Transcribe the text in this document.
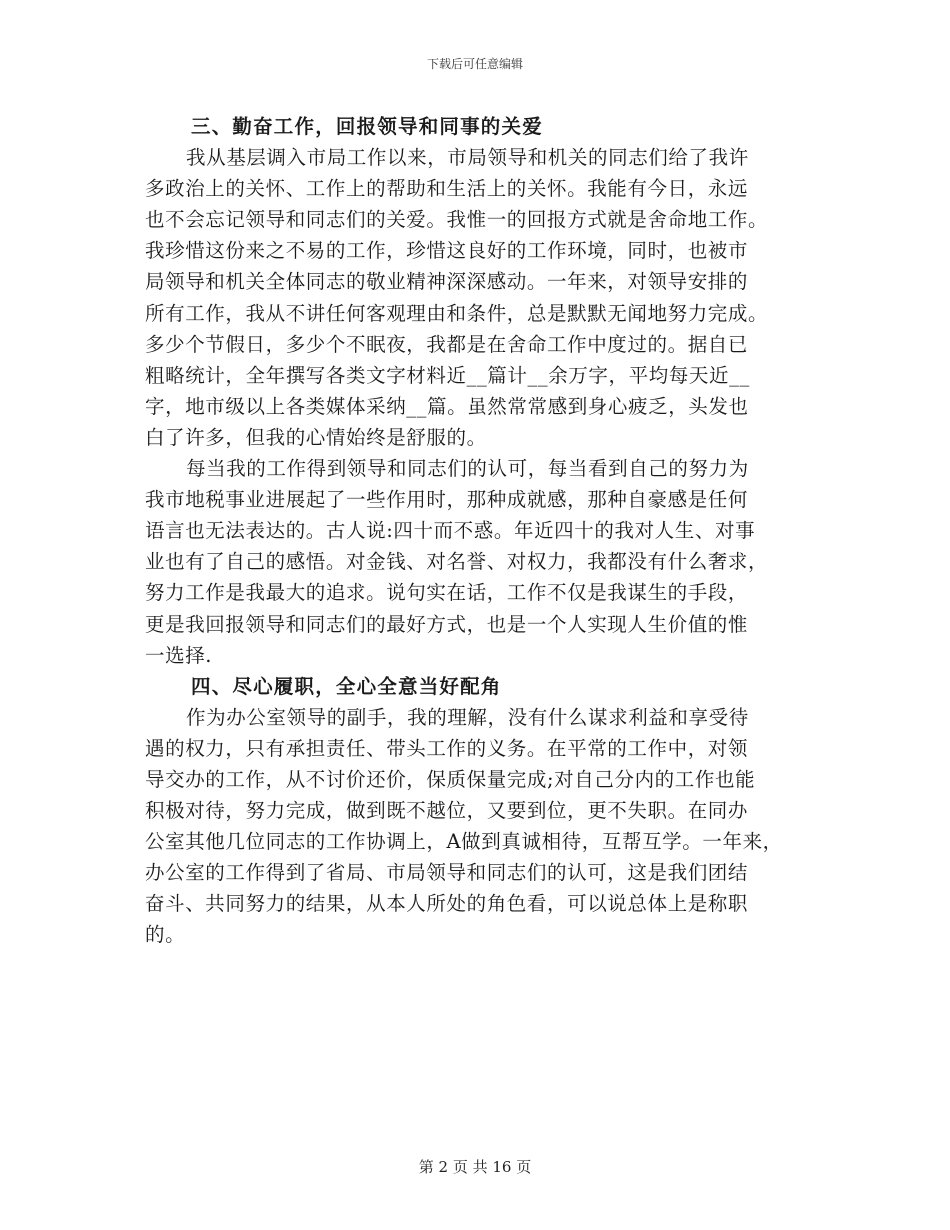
下载后可任意编辑
三、勤奋工作，回报领导和同事的关爱
我从基层调入市局工作以来，市局领导和机关的同志们给了我许
多政治上的关怀、工作上的帮助和生活上的关怀。我能有今日，永远
也不会忘记领导和同志们的关爱。我惟一的回报方式就是舍命地工作。
我珍惜这份来之不易的工作，珍惜这良好的工作环境，同时，也被市
局领导和机关全体同志的敬业精神深深感动。一年来，对领导安排的
所有工作，我从不讲任何客观理由和条件，总是默默无闻地努力完成。
多少个节假日，多少个不眠夜，我都是在舍命工作中度过的。据自已
粗略统计，全年撰写各类文字材料近__篇计__余万字，平均每天近__
字，地市级以上各类媒体采纳__篇。虽然常常感到身心疲乏，头发也
白了许多，但我的心情始终是舒服的。
每当我的工作得到领导和同志们的认可，每当看到自己的努力为
我市地税事业进展起了一些作用时，那种成就感，那种自豪感是任何
语言也无法表达的。古人说:四十而不惑。年近四十的我对人生、对事
业也有了自己的感悟。对金钱、对名誉、对权力，我都没有什么奢求，
努力工作是我最大的追求。说句实在话，工作不仅是我谋生的手段，
更是我回报领导和同志们的最好方式，也是一个人实现人生价值的惟
一选择.
四、尽心履职，全心全意当好配角
作为办公室领导的副手，我的理解，没有什么谋求利益和享受待
遇的权力，只有承担责任、带头工作的义务。在平常的工作中，对领
导交办的工作，从不讨价还价，保质保量完成;对自己分内的工作也能
积极对待，努力完成，做到既不越位，又要到位，更不失职。在同办
公室其他几位同志的工作协调上，A做到真诚相待，互帮互学。一年来，
办公室的工作得到了省局、市局领导和同志们的认可，这是我们团结
奋斗、共同努力的结果，从本人所处的角色看，可以说总体上是称职
的。
第 2 页 共 16 页
